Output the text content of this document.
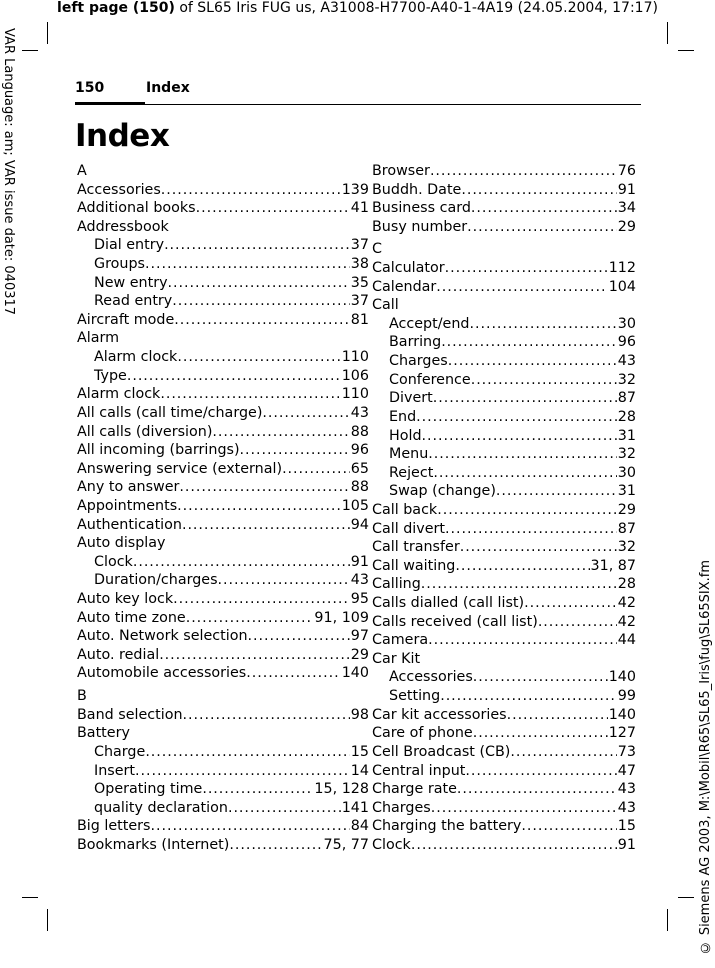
left page (150) of SL65 Iris FUG us, A31008-H7700-A40-1-4A19 (24.05.2004, 17:17)
VAR Language: am; VAR issue date: 040317
© Siemens AG 2003, M:\Mobil\R65\SL65_Iris\fug\SL65SIX.fm
150	Index
Index
A
Accessories . . .	139
Additional books . . .	41
Addressbook
Dial entry . . .	37
Groups . . .	38
New entry . . .	35
Read entry . . .	37
Aircraft mode . . .	81
Alarm
Alarm clock . . .	110
Type . . .	106
Alarm clock . . .	110
All calls (call time/charge) . . .	43
All calls (diversion) . . .	88
All incoming (barrings) . . .	96
Answering service (external) . . .	65
Any to answer . . .	88
Appointments . . .	105
Authentication . . .	94
Auto display
Clock . . .	91
Duration/charges . . .	43
Auto key lock . . .	95
Auto time zone . . .	91, 109
Auto. Network selection . . .	97
Auto. redial . . .	29
Automobile accessories . . .	140
B
Band selection . . .	98
Battery
Charge . . .	15
Insert . . .	14
Operating time . . .	15, 128
quality declaration . . .	141
Big letters . . .	84
Bookmarks (Internet) . . .	75, 77
Browser . . .	76
Buddh. Date . . .	91
Business card . . .	34
Busy number . . .	29
C
Calculator . . .	112
Calendar . . .	104
Call
Accept/end . . .	30
Barring . . .	96
Charges . . .	43
Conference . . .	32
Divert . . .	87
End . . .	28
Hold . . .	31
Menu . . .	32
Reject . . .	30
Swap (change) . . .	31
Call back . . .	29
Call divert . . .	87
Call transfer . . .	32
Call waiting . . .	31, 87
Calling . . .	28
Calls dialled (call list) . . .	42
Calls received (call list) . . .	42
Camera . . .	44
Car Kit
Accessories . . .	140
Setting . . .	99
Car kit accessories . . .	140
Care of phone . . .	127
Cell Broadcast (CB) . . .	73
Central input . . .	47
Charge rate . . .	43
Charges . . .	43
Charging the battery . . .	15
Clock . . .	91
